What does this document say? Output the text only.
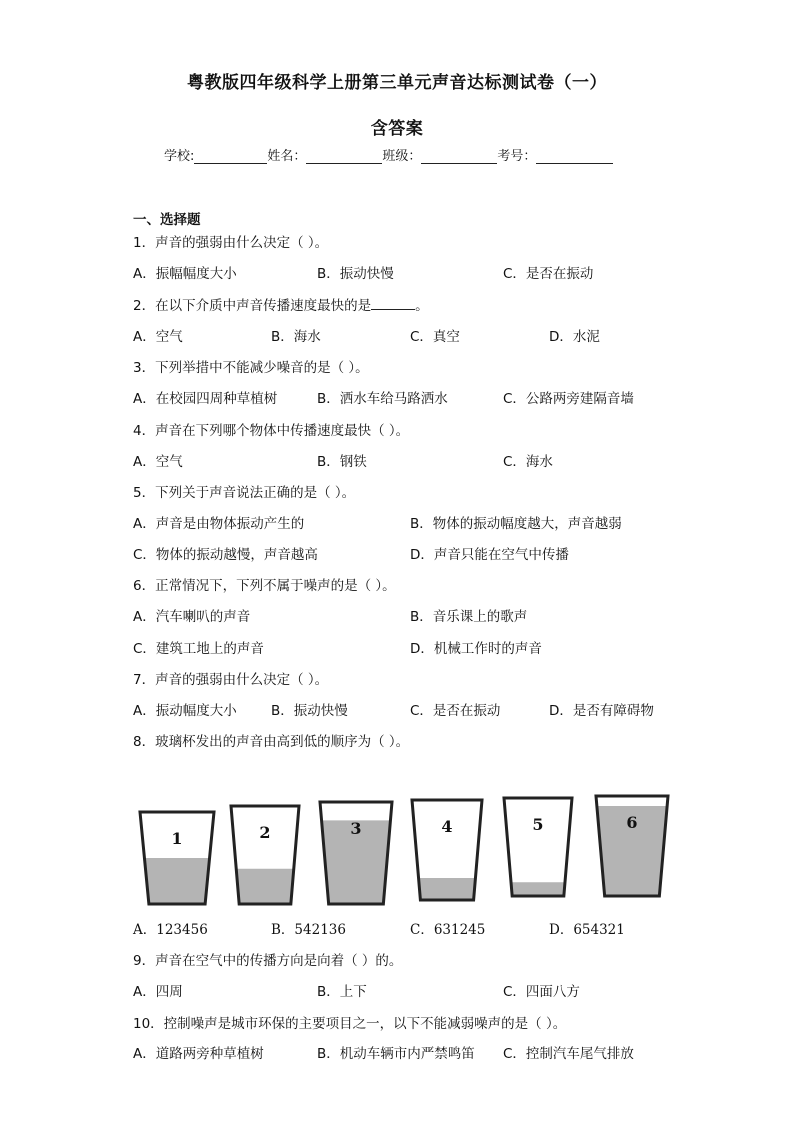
粤教版四年级科学上册第三单元声音达标测试卷（一）
含答案
学校:	姓名：	班级：	考号：
一、选择题
1．声音的强弱由什么决定（ ）。
A．振幅幅度大小	B．振动快慢	C．是否在振动
2．在以下介质中声音传播速度最快的是	。
A．空气	B．海水	C．真空	D．水泥
3．下列举措中不能减少噪音的是（ ）。
A．在校园四周种草植树	B．洒水车给马路洒水	C．公路两旁建隔音墙
4．声音在下列哪个物体中传播速度最快（ ）。
A．空气	B．钢铁	C．海水
5．下列关于声音说法正确的是（ ）。
A．声音是由物体振动产生的	B．物体的振动幅度越大，声音越弱
C．物体的振动越慢，声音越高	D．声音只能在空气中传播
6．正常情况下，下列不属于噪声的是（ ）。
A．汽车喇叭的声音	B．音乐课上的歌声
C．建筑工地上的声音	D．机械工作时的声音
7．声音的强弱由什么决定（ ）。
A．振动幅度大小	B．振动快慢	C．是否在振动	D．是否有障碍物
8．玻璃杯发出的声音由高到低的顺序为（ ）。
1	2	3	4	5	6
A．123456	B．542136	C．631245	D．654321
9．声音在空气中的传播方向是向着（ ）的。
A．四周	B．上下	C．四面八方
10．控制噪声是城市环保的主要项目之一，以下不能减弱噪声的是（ ）。
A．道路两旁种草植树	B．机动车辆市内严禁鸣笛 C．控制汽车尾气排放
